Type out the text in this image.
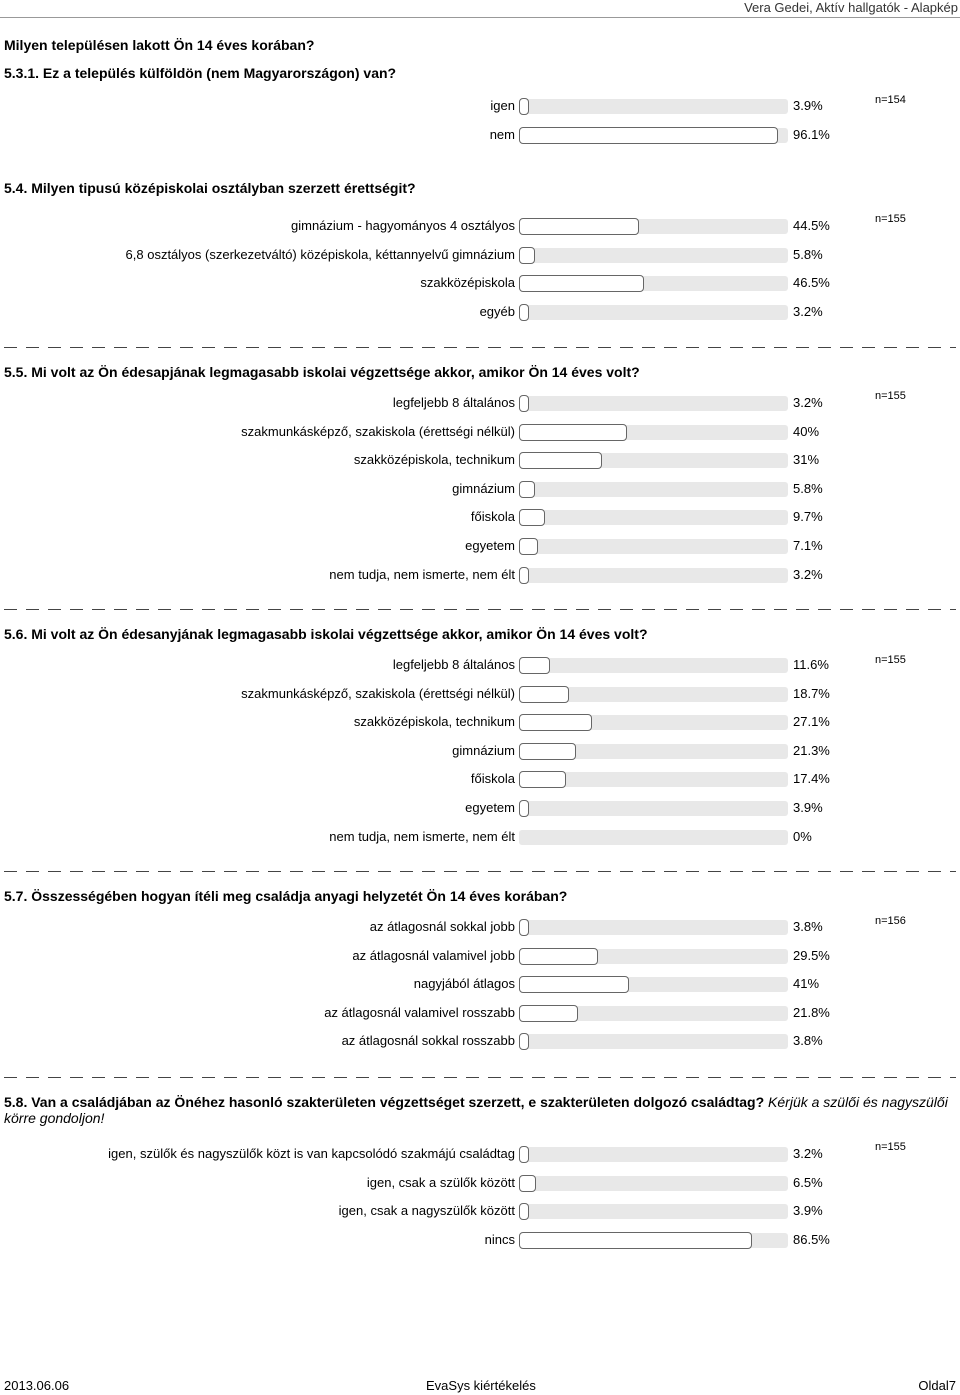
Vera Gedei, Aktív hallgatók - Alapkép
Milyen településen lakott Ön 14 éves korában?
5.3.1. Ez a település külföldön (nem Magyarországon) van?
n=154
igen	3.9%
nem	96.1%
5.4. Milyen tipusú középiskolai osztályban szerzett érettségit?
n=155
gimnázium - hagyományos 4 osztályos	44.5%
6,8 osztályos (szerkezetváltó) középiskola, kéttannyelvű gimnázium	5.8%
szakközépiskola	46.5%
egyéb	3.2%
5.5. Mi volt az Ön édesapjának legmagasabb iskolai végzettsége akkor, amikor Ön 14 éves volt?
n=155
legfeljebb 8 általános	3.2%
szakmunkásképző, szakiskola (érettségi nélkül)	40%
szakközépiskola, technikum	31%
gimnázium	5.8%
főiskola	9.7%
egyetem	7.1%
nem tudja, nem ismerte, nem élt	3.2%
5.6. Mi volt az Ön édesanyjának legmagasabb iskolai végzettsége akkor, amikor Ön 14 éves volt?
n=155
legfeljebb 8 általános	11.6%
szakmunkásképző, szakiskola (érettségi nélkül)	18.7%
szakközépiskola, technikum	27.1%
gimnázium	21.3%
főiskola	17.4%
egyetem	3.9%
nem tudja, nem ismerte, nem élt	0%
5.7. Összességében hogyan ítéli meg családja anyagi helyzetét Ön 14 éves korában?
n=156
az átlagosnál sokkal jobb	3.8%
az átlagosnál valamivel jobb	29.5%
nagyjából átlagos	41%
az átlagosnál valamivel rosszabb	21.8%
az átlagosnál sokkal rosszabb	3.8%
5.8. Van a családjában az Önéhez hasonló szakterületen végzettséget szerzett, e szakterületen dolgozó családtag? Kérjük a szülői és nagyszülői körre gondoljon!
n=155
igen, szülők és nagyszülők közt is van kapcsolódó szakmájú családtag	3.2%
igen, csak a szülők között	6.5%
igen, csak a nagyszülők között	3.9%
nincs	86.5%
2013.06.06	EvaSys kiértékelés	Oldal7
